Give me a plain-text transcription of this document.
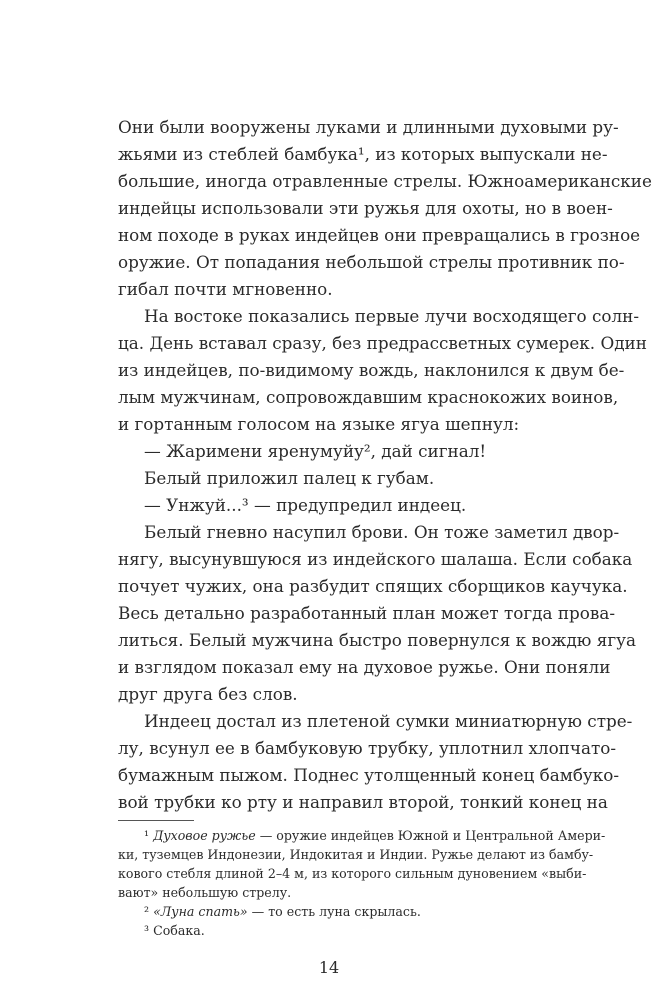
Они были вооружены луками и длинными духовыми ру-
жьями из стеблей бамбука¹, из которых выпускали не-
большие, иногда отравленные стрелы. Южноамериканские
индейцы использовали эти ружья для охоты, но в воен-
ном походе в руках индейцев они превращались в грозное
оружие. От попадания небольшой стрелы противник по-
гибал почти мгновенно.
На востоке показались первые лучи восходящего солн-
ца. День вставал сразу, без предрассветных сумерек. Один
из индейцев, по-видимому вождь, наклонился к двум бе-
лым мужчинам, сопровождавшим краснокожих воинов,
и гортанным голосом на языке ягуа шепнул:
— Жаримени яренумуйу², дай сигнал!
Белый приложил палец к губам.
— Унжуй...³ — предупредил индеец.
Белый гневно насупил брови. Он тоже заметил двор-
нягу, высунувшуюся из индейского шалаша. Если собака
почует чужих, она разбудит спящих сборщиков каучука.
Весь детально разработанный план может тогда прова-
литься. Белый мужчина быстро повернулся к вождю ягуа
и взглядом показал ему на духовое ружье. Они поняли
друг друга без слов.
Индеец достал из плетеной сумки миниатюрную стре-
лу, всунул ее в бамбуковую трубку, уплотнил хлопчато-
бумажным пыжом. Поднес утолщенный конец бамбуко-
вой трубки ко рту и направил второй, тонкий конец на
¹ Духовое ружье — оружие индейцев Южной и Центральной Амери-
ки, туземцев Индонезии, Индокитая и Индии. Ружье делают из бамбу-
кового стебля длиной 2–4 м, из которого сильным дуновением «выби-
вают» небольшую стрелу.
² «Луна спать» — то есть луна скрылась.
³ Собака.
14
